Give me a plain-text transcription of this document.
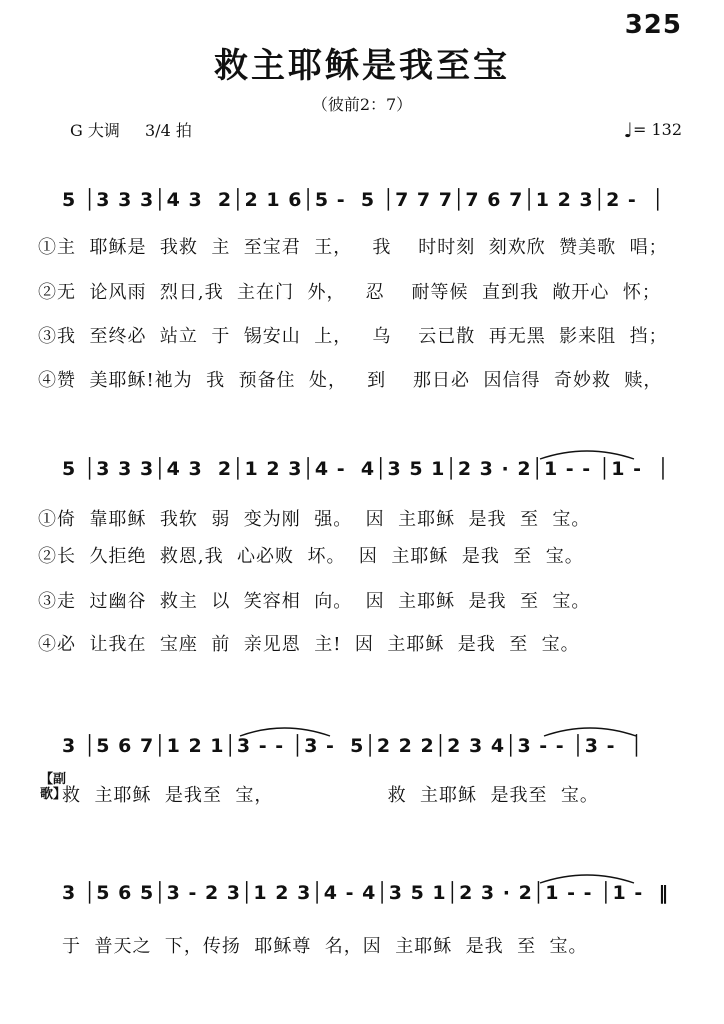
325
救主耶稣是我至宝
（彼前2：7）
G 大调 3/4 拍	♩= 132
5 │3 3 3│4 3  2│2 1 6│5 -  5 │7 7 7│7 6 7│1 2 3│2 -  │
①主  耶稣是  我救  主  至宝君  王，   我    时时刻  刻欢欣  赞美歌  唱；
②无  论风雨  烈日,我  主在门  外，   忍    耐等候  直到我  敞开心  怀；
③我  至终必  站立  于  锡安山  上，   乌    云已散  再无黑  影来阻  挡；
④赞  美耶稣!祂为  我  预备住  处，   到    那日必  因信得  奇妙救  赎，
5 │3 3 3│4 3  2│1 2 3│4 -  4│3 5 1│2 3 · 2│1 - - │1 -  │
①倚  靠耶稣  我软  弱  变为刚  强。  因  主耶稣  是我  至  宝。
②长  久拒绝  救恩,我  心必败  坏。  因  主耶稣  是我  至  宝。
③走  过幽谷  救主  以  笑容相  向。  因  主耶稣  是我  至  宝。
④必  让我在  宝座  前  亲见恩  主!  因  主耶稣  是我  至  宝。
3 │5 6 7│1 2 1│3 - - │3 -  5│2 2 2│2 3 4│3 - - │3 -  │
【副歌】
救  主耶稣  是我至  宝，                 救  主耶稣  是我至  宝。
3 │5 6 5│3 - 2 3│1 2 3│4 - 4│3 5 1│2 3 · 2│1 - - │1 -  ‖
于  普天之  下，传扬  耶稣尊  名，因  主耶稣  是我  至  宝。
